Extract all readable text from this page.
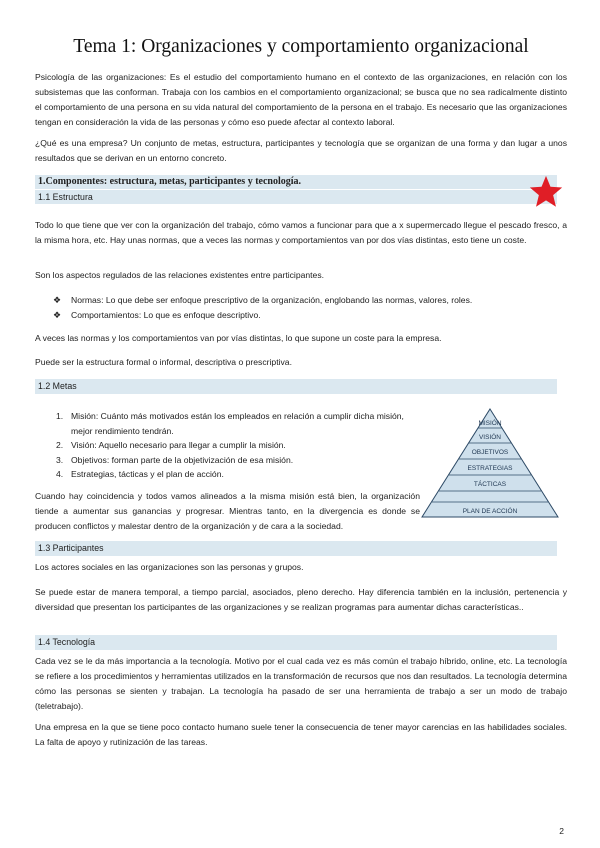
Tema 1: Organizaciones y comportamiento organizacional

Psicología de las organizaciones: Es el estudio del comportamiento humano en el contexto de las organizaciones, en relación con los subsistemas que las conforman. Trabaja con los cambios en el comportamiento organizacional; se busca que no sea radicalmente distinto el comportamiento de una persona en su vida natural del comportamiento de la persona en el trabajo. Es necesario que las organizaciones tengan en consideración la vida de las personas y cómo eso puede afectar al contexto laboral.

¿Qué es una empresa? Un conjunto de metas, estructura, participantes y tecnología que se organizan de una forma y dan lugar a unos resultados que se derivan en un entorno concreto.

1.Componentes: estructura, metas, participantes y tecnología.
1.1 Estructura

Todo lo que tiene que ver con la organización del trabajo, cómo vamos a funcionar para que a x supermercado llegue el pescado fresco, a la misma hora, etc. Hay unas normas, que a veces las normas y comportamientos van por dos vías distintas, esto tiene un coste.

Son los aspectos regulados de las relaciones existentes entre participantes.

❖ Normas: Lo que debe ser enfoque prescriptivo de la organización, englobando las normas, valores, roles.
❖ Comportamientos: Lo que es enfoque descriptivo.

A veces las normas y los comportamientos van por vías distintas, lo que supone un coste para la empresa.

Puede ser la estructura formal o informal, descriptiva o prescriptiva.

1.2 Metas
1. Misión: Cuánto más motivados están los empleados en relación a cumplir dicha misión, mejor rendimiento tendrán.
2. Visión: Aquello necesario para llegar a cumplir la misión.
3. Objetivos: forman parte de la objetivización de esa misión.
4. Estrategias, tácticas y el plan de acción.

Cuando hay coincidencia y todos vamos alineados a la misma misión está bien, la organización tiende a aumentar sus ganancias y progresar. Mientras tanto, en la divergencia es donde se producen conflictos y malestar dentro de la organización y de cara a la sociedad.

1.3 Participantes

Los actores sociales en las organizaciones son las personas y grupos.

Se puede estar de manera temporal, a tiempo parcial, asociados, pleno derecho. Hay diferencia también en la inclusión, pertenencia y diversidad que presentan los participantes de las organizaciones y se realizan programas para aumentar dichas características..

1.4 Tecnología

Cada vez se le da más importancia a la tecnología. Motivo por el cual cada vez es más común el trabajo híbrido, online, etc. La tecnología se refiere a los procedimientos y herramientas utilizados en la transformación de recursos que nos dan resultados. La tecnología determina cómo las personas se sienten y trabajan. La tecnología ha pasado de ser una herramienta de trabajo a ser un modo de trabajo (teletrabajo).

Una empresa en la que se tiene poco contacto humano suele tener la consecuencia de tener mayor carencias en las habilidades sociales. La falta de apoyo y rutinización de las tareas.

MISIÓN
VISIÓN
OBJETIVOS
ESTRATEGIAS
TÁCTICAS
PLAN DE ACCIÓN
2
